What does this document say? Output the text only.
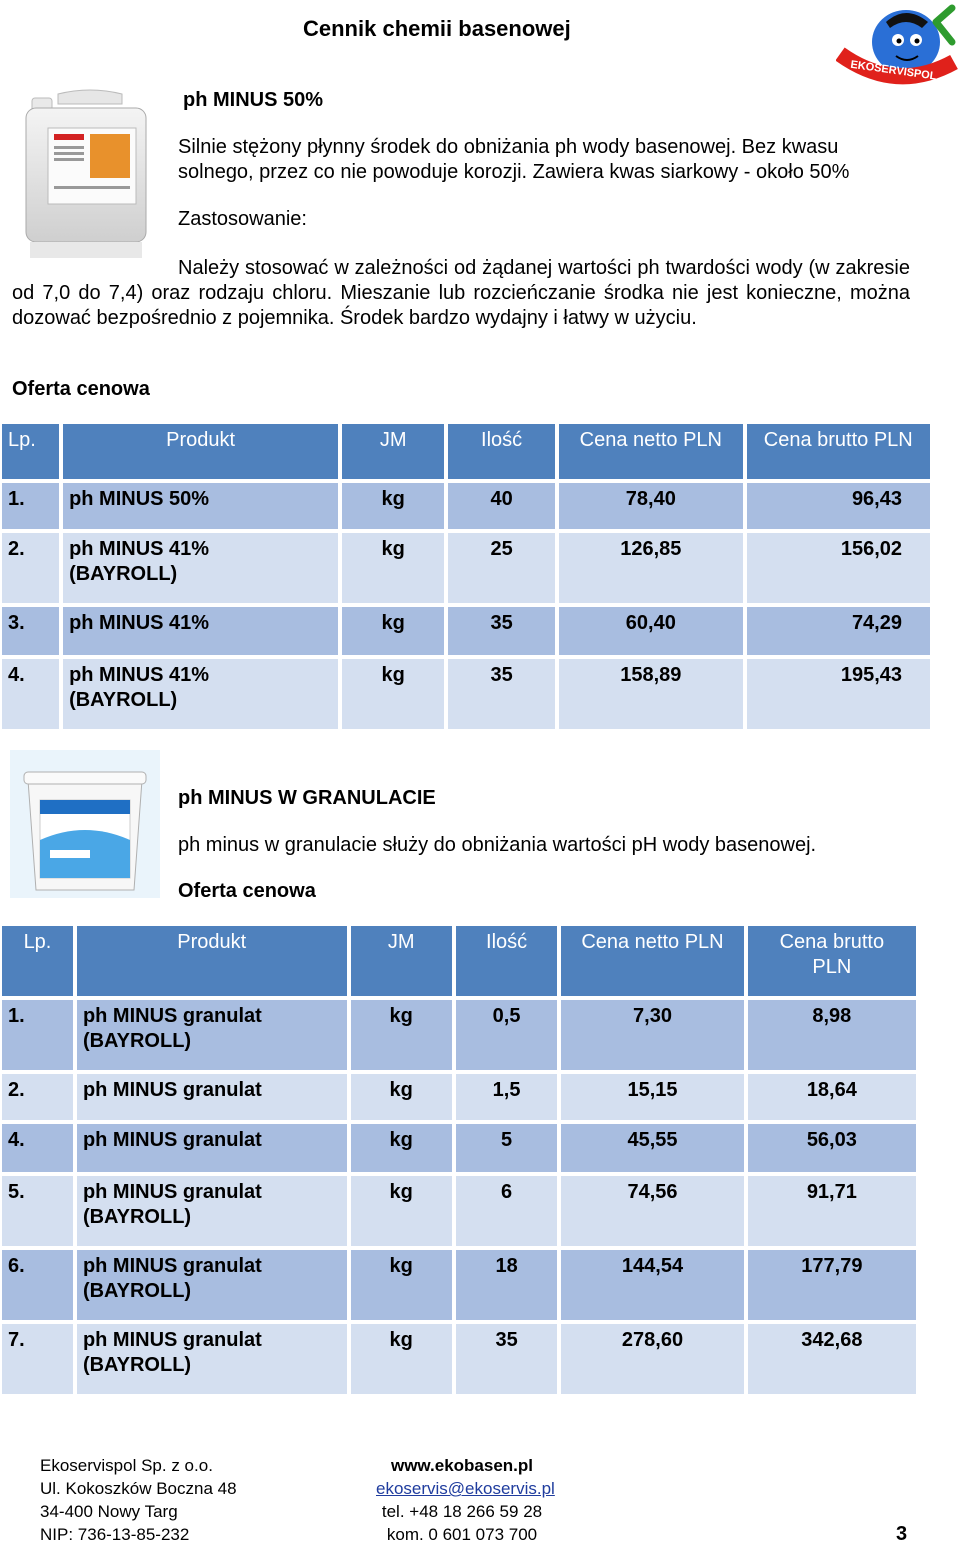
Cennik chemii basenowej
EKOSERVISPOL
ph MINUS 50%
Silnie stężony płynny środek do obniżania ph wody basenowej. Bez kwasu solnego, przez co nie powoduje korozji. Zawiera kwas siarkowy - około 50%
Zastosowanie:
Należy stosować w zależności od żądanej wartości ph twardości wody (w zakresie od 7,0 do 7,4) oraz rodzaju chloru. Mieszanie lub rozcieńczanie środka nie jest konieczne, można dozować bezpośrednio z pojemnika. Środek bardzo wydajny i łatwy w użyciu.
Oferta cenowa
Lp.	Produkt	JM	Ilość	Cena netto PLN	Cena brutto PLN
1.	ph MINUS 50%	kg	40	78,40	96,43
2.	ph MINUS 41% (BAYROLL)	kg	25	126,85	156,02
3.	ph MINUS 41%	kg	35	60,40	74,29
4.	ph MINUS 41% (BAYROLL)	kg	35	158,89	195,43
ph MINUS W GRANULACIE
ph minus w granulacie służy do obniżania wartości pH wody basenowej.
Oferta cenowa
Lp.	Produkt	JM	Ilość	Cena netto PLN	Cena brutto PLN
1.	ph MINUS granulat (BAYROLL)	kg	0,5	7,30	8,98
2.	ph MINUS granulat	kg	1,5	15,15	18,64
4.	ph MINUS granulat	kg	5	45,55	56,03
5.	ph MINUS granulat (BAYROLL)	kg	6	74,56	91,71
6.	ph MINUS granulat (BAYROLL)	kg	18	144,54	177,79
7.	ph MINUS granulat (BAYROLL)	kg	35	278,60	342,68
Ekoservispol Sp. z o.o.
Ul. Kokoszków Boczna 48
34-400 Nowy Targ
NIP: 736-13-85-232
www.ekobasen.pl
ekoservis@ekoservis.pl
tel. +48 18 266 59 28
kom. 0 601 073 700	3
